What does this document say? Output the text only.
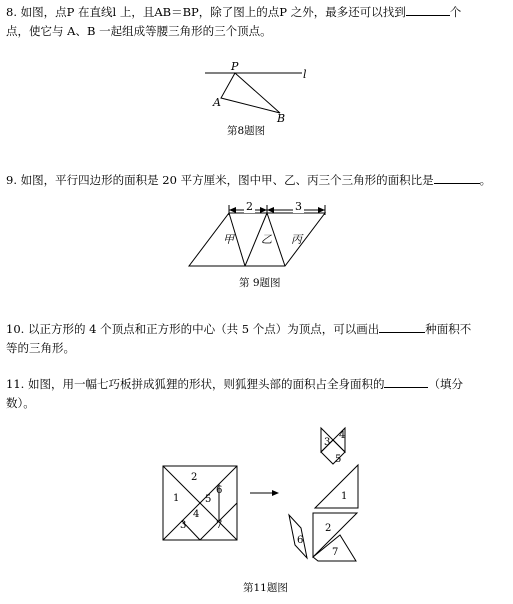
8. 如图，点P 在直线l 上，且AB＝BP，除了图上的点P 之外，最多还可以找到	个
点，使它与 A、B 一起组成等腰三角形的三个顶点。
P
l
A
B
第8题图
9. 如图，平行四边形的面积是 20 平方厘米，图中甲、乙、丙三个三角形的面积比是	。
2	3
甲 乙 丙
第 9题图
10. 以正方形的 4 个顶点和正方形的中心（共 5 个点）为顶点，可以画出	种面积不
等的三角形。
11. 如图，用一幅七巧板拼成狐狸的形状，则狐狸头部的面积占全身面积的	（填分
数）。
2
1	5
6
4
3	7
3
4
5
1
2
6
7
第11题图
